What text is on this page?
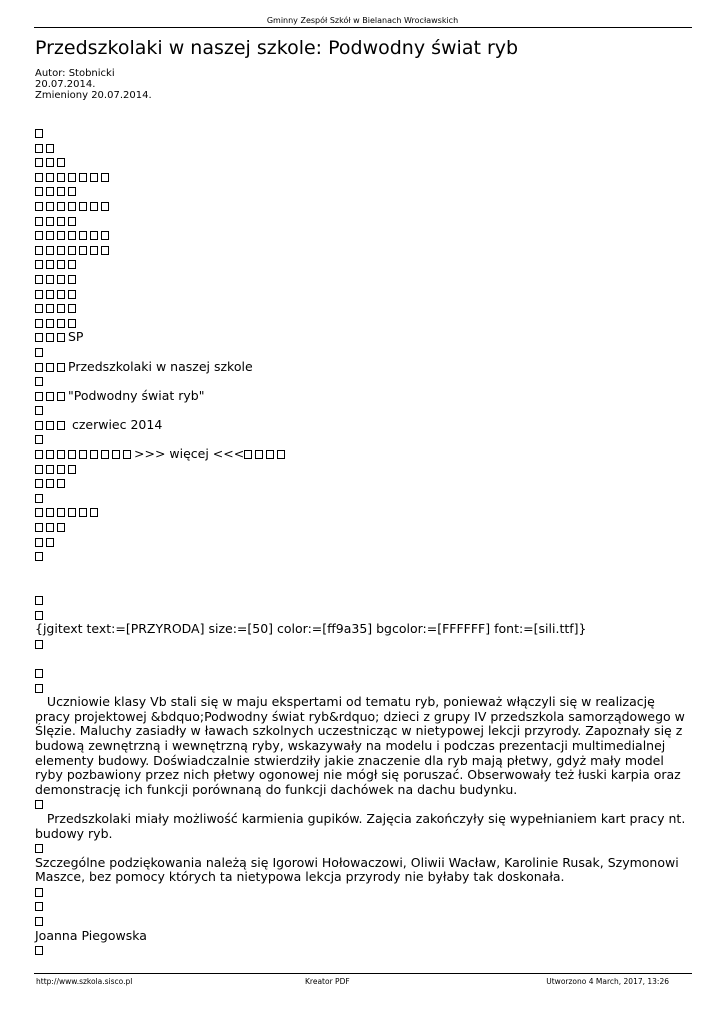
Gminny Zespół Szkół w Bielanach Wrocławskich
Przedszkolaki w naszej szkole: Podwodny świat ryb
Autor: Stobnicki
20.07.2014.
Zmieniony 20.07.2014.
SP
Przedszkolaki w naszej szkole
"Podwodny świat ryb"
czerwiec 2014
>>> więcej <<<
{jgitext text:=[PRZYRODA] size:=[50] color:=[ff9a35] bgcolor:=[FFFFFF] font:=[sili.ttf]}
Uczniowie klasy Vb stali się w maju ekspertami od tematu ryb, ponieważ włączyli się w realizację pracy projektowej &bdquo;Podwodny świat ryb&rdquo; dzieci z grupy IV przedszkola samorządowego w Ślęzie. Maluchy zasiadły w ławach szkolnych uczestnicząc w nietypowej lekcji przyrody. Zapoznały się z budową zewnętrzną i wewnętrzną ryby, wskazywały na modelu i podczas prezentacji multimedialnej elementy budowy. Doświadczalnie stwierdziły jakie znaczenie dla ryb mają płetwy, gdyż mały model ryby pozbawiony przez nich płetwy ogonowej nie mógł się poruszać. Obserwowały też łuski karpia oraz demonstrację ich funkcji porównaną do funkcji dachówek na dachu budynku.
Przedszkolaki miały możliwość karmienia gupików. Zajęcia zakończyły się wypełnianiem kart pracy nt. budowy ryb.
Szczególne podziękowania należą się Igorowi Hołowaczowi, Oliwii Wacław, Karolinie Rusak, Szymonowi Maszce, bez pomocy których ta nietypowa lekcja przyrody nie byłaby tak doskonała.
Joanna Piegowska
http://www.szkola.sisco.pl	Kreator PDF	Utworzono 4 March, 2017, 13:26
